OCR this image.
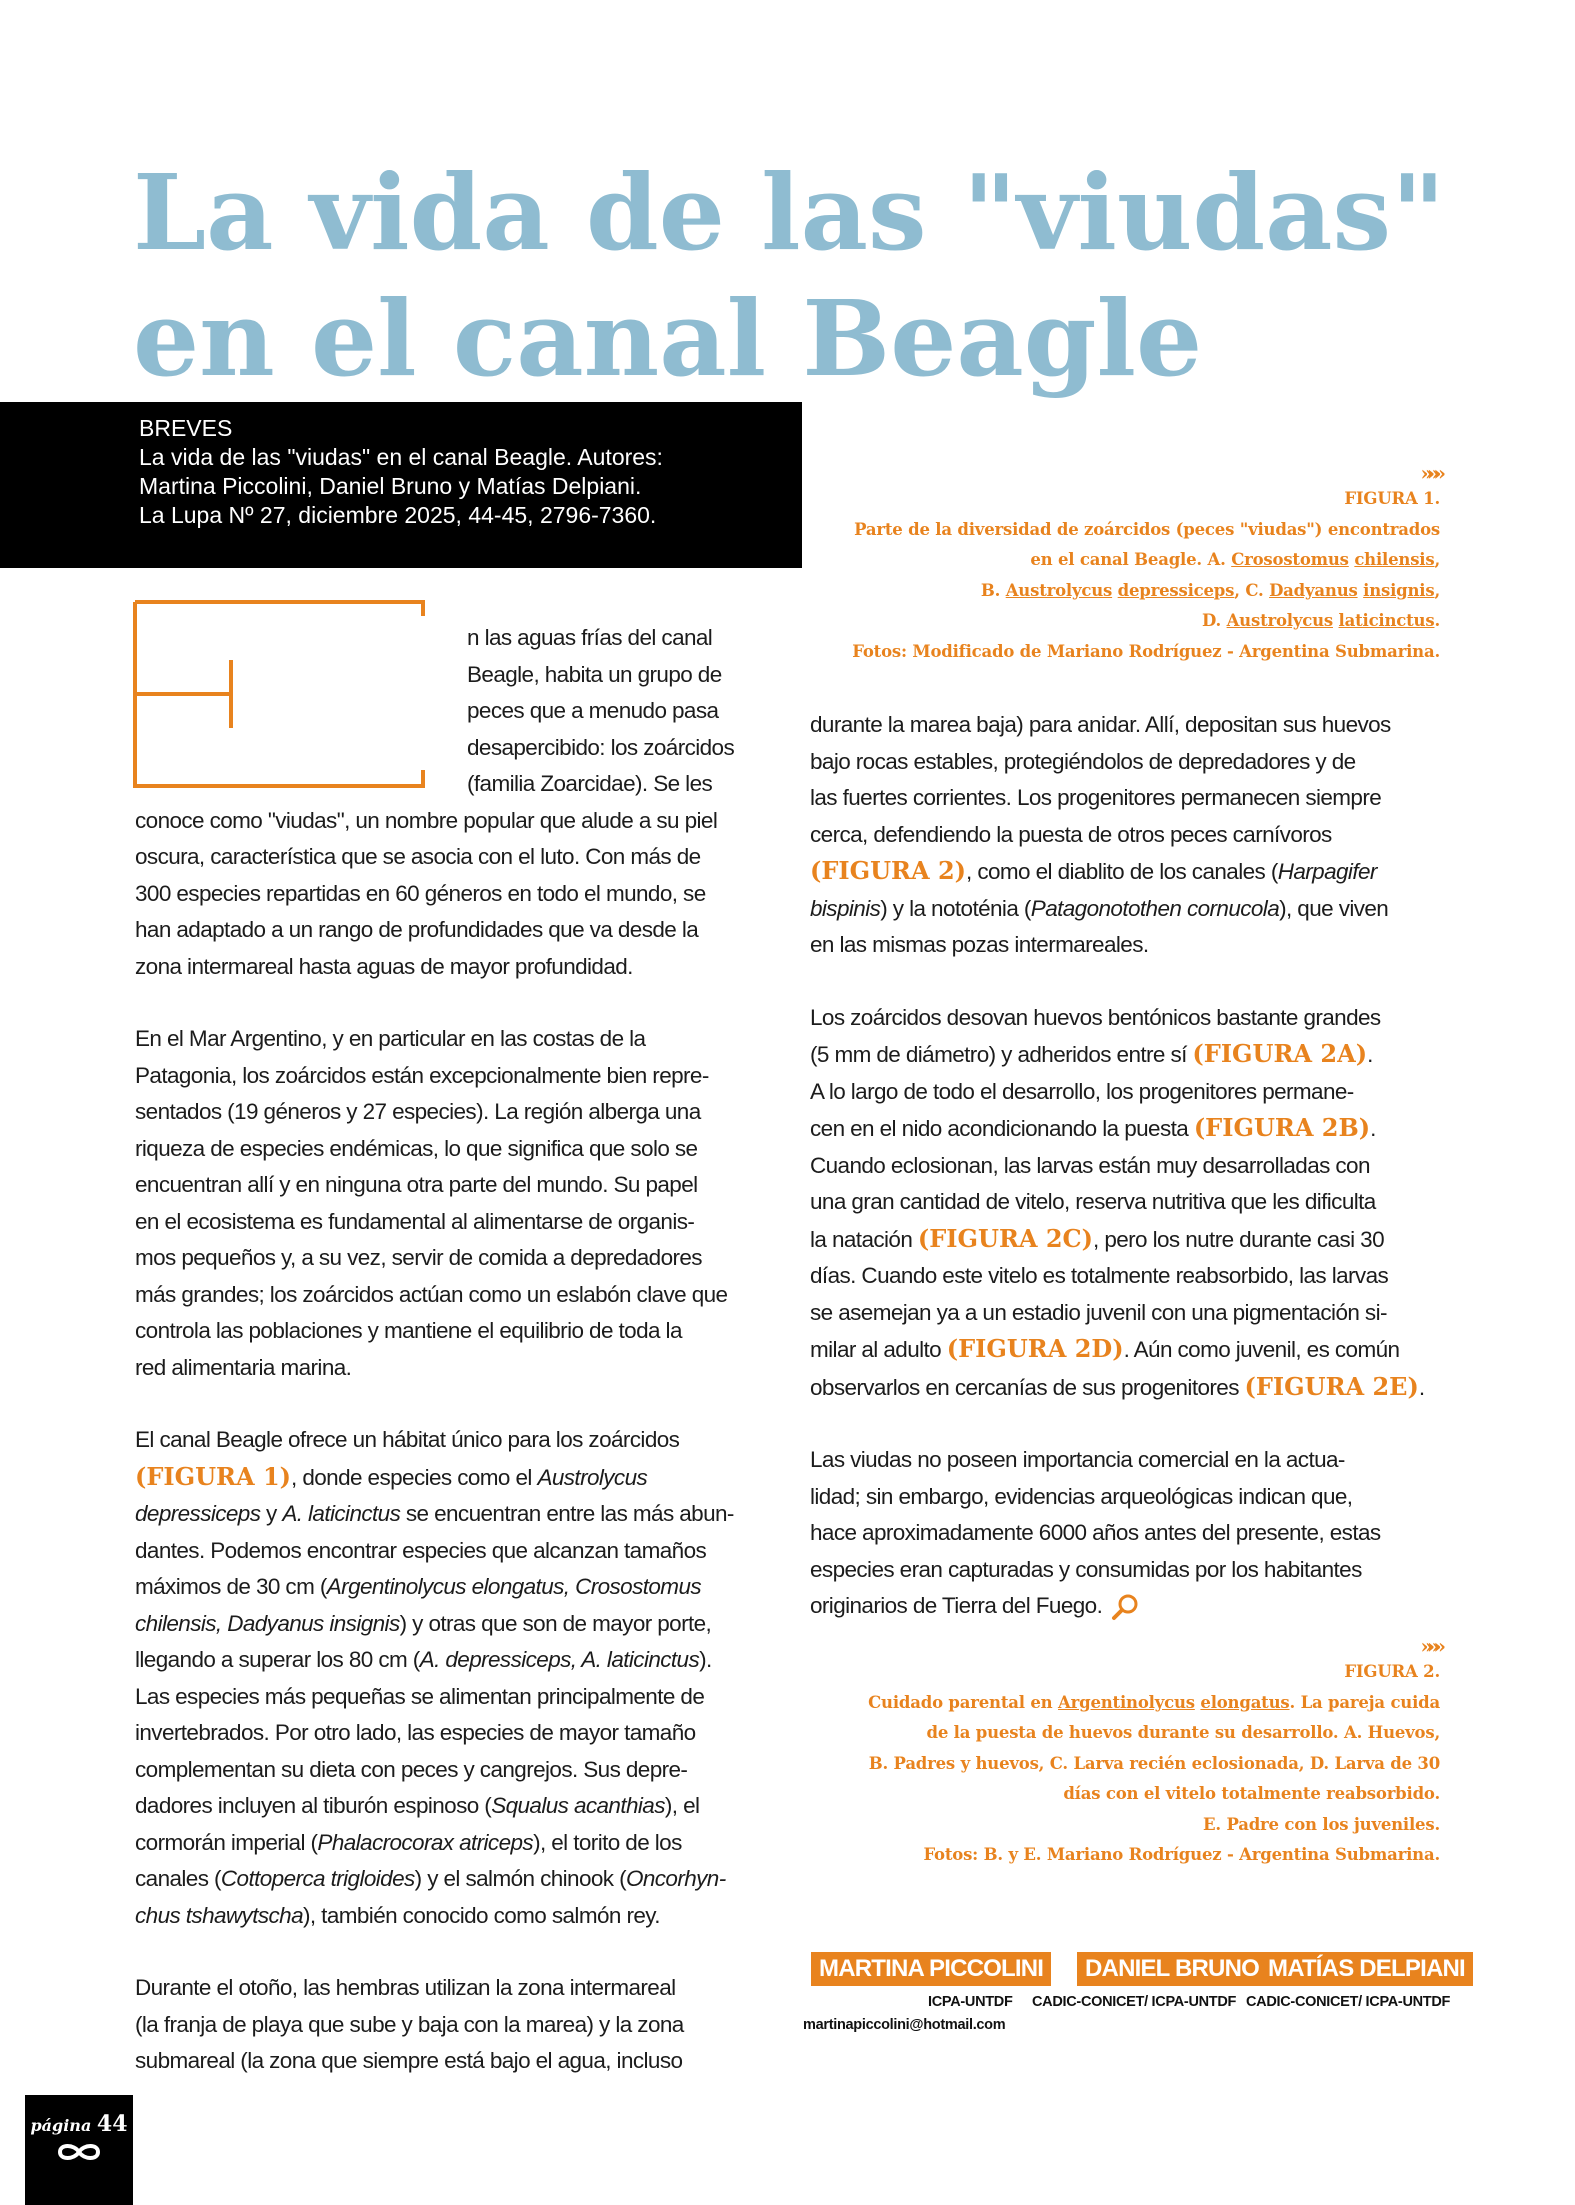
La vida de las "viudas"
en el canal Beagle
BREVES
La vida de las "viudas" en el canal Beagle. Autores:
Martina Piccolini, Daniel Bruno y Matías Delpiani.
La Lupa Nº 27, diciembre 2025, 44-45, 2796-7360.
»»»
FIGURA 1.
Parte de la diversidad de zoárcidos (peces "viudas") encontrados
en el canal Beagle. A. Crosostomus chilensis,
B. Austrolycus depressiceps, C. Dadyanus insignis,
D. Austrolycus laticinctus.
Fotos: Modificado de Mariano Rodríguez - Argentina Submarina.
n las aguas frías del canal
Beagle, habita un grupo de
peces que a menudo pasa
desapercibido: los zoárcidos
(familia Zoarcidae). Se les
conoce como "viudas", un nombre popular que alude a su piel
oscura, característica que se asocia con el luto. Con más de
300 especies repartidas en 60 géneros en todo el mundo, se
han adaptado a un rango de profundidades que va desde la
zona intermareal hasta aguas de mayor profundidad.
En el Mar Argentino, y en particular en las costas de la
Patagonia, los zoárcidos están excepcionalmente bien repre-
sentados (19 géneros y 27 especies). La región alberga una
riqueza de especies endémicas, lo que significa que solo se
encuentran allí y en ninguna otra parte del mundo. Su papel
en el ecosistema es fundamental al alimentarse de organis-
mos pequeños y, a su vez, servir de comida a depredadores
más grandes; los zoárcidos actúan como un eslabón clave que
controla las poblaciones y mantiene el equilibrio de toda la
red alimentaria marina.
El canal Beagle ofrece un hábitat único para los zoárcidos
(FIGURA 1), donde especies como el Austrolycus
depressiceps y A. laticinctus se encuentran entre las más abun-
dantes. Podemos encontrar especies que alcanzan tamaños
máximos de 30 cm (Argentinolycus elongatus, Crosostomus
chilensis, Dadyanus insignis) y otras que son de mayor porte,
llegando a superar los 80 cm (A. depressiceps, A. laticinctus).
Las especies más pequeñas se alimentan principalmente de
invertebrados. Por otro lado, las especies de mayor tamaño
complementan su dieta con peces y cangrejos. Sus depre-
dadores incluyen al tiburón espinoso (Squalus acanthias), el
cormorán imperial (Phalacrocorax atriceps), el torito de los
canales (Cottoperca trigloides) y el salmón chinook (Oncorhyn-
chus tshawytscha), también conocido como salmón rey.
Durante el otoño, las hembras utilizan la zona intermareal
(la franja de playa que sube y baja con la marea) y la zona
submareal (la zona que siempre está bajo el agua, incluso
durante la marea baja) para anidar. Allí, depositan sus huevos
bajo rocas estables, protegiéndolos de depredadores y de
las fuertes corrientes. Los progenitores permanecen siempre
cerca, defendiendo la puesta de otros peces carnívoros
(FIGURA 2), como el diablito de los canales (Harpagifer
bispinis) y la nototénia (Patagonotothen cornucola), que viven
en las mismas pozas intermareales.
Los zoárcidos desovan huevos bentónicos bastante grandes
(5 mm de diámetro) y adheridos entre sí (FIGURA 2A).
A lo largo de todo el desarrollo, los progenitores permane-
cen en el nido acondicionando la puesta (FIGURA 2B).
Cuando eclosionan, las larvas están muy desarrolladas con
una gran cantidad de vitelo, reserva nutritiva que les dificulta
la natación (FIGURA 2C), pero los nutre durante casi 30
días. Cuando este vitelo es totalmente reabsorbido, las larvas
se asemejan ya a un estadio juvenil con una pigmentación si-
milar al adulto (FIGURA 2D). Aún como juvenil, es común
observarlos en cercanías de sus progenitores (FIGURA 2E).
Las viudas no poseen importancia comercial en la actua-
lidad; sin embargo, evidencias arqueológicas indican que,
hace aproximadamente 6000 años antes del presente, estas
especies eran capturadas y consumidas por los habitantes
originarios de Tierra del Fuego.
»»»
FIGURA 2.
Cuidado parental en Argentinolycus elongatus. La pareja cuida
de la puesta de huevos durante su desarrollo. A. Huevos,
B. Padres y huevos, C. Larva recién eclosionada, D. Larva de 30
días con el vitelo totalmente reabsorbido.
E. Padre con los juveniles.
Fotos: B. y E. Mariano Rodríguez - Argentina Submarina.
MARTINA PICCOLINI
ICPA-UNTDF
martinapiccolini@hotmail.com
DANIEL BRUNO
CADIC-CONICET/ ICPA-UNTDF
MATÍAS DELPIANI
CADIC-CONICET/ ICPA-UNTDF
página 44
